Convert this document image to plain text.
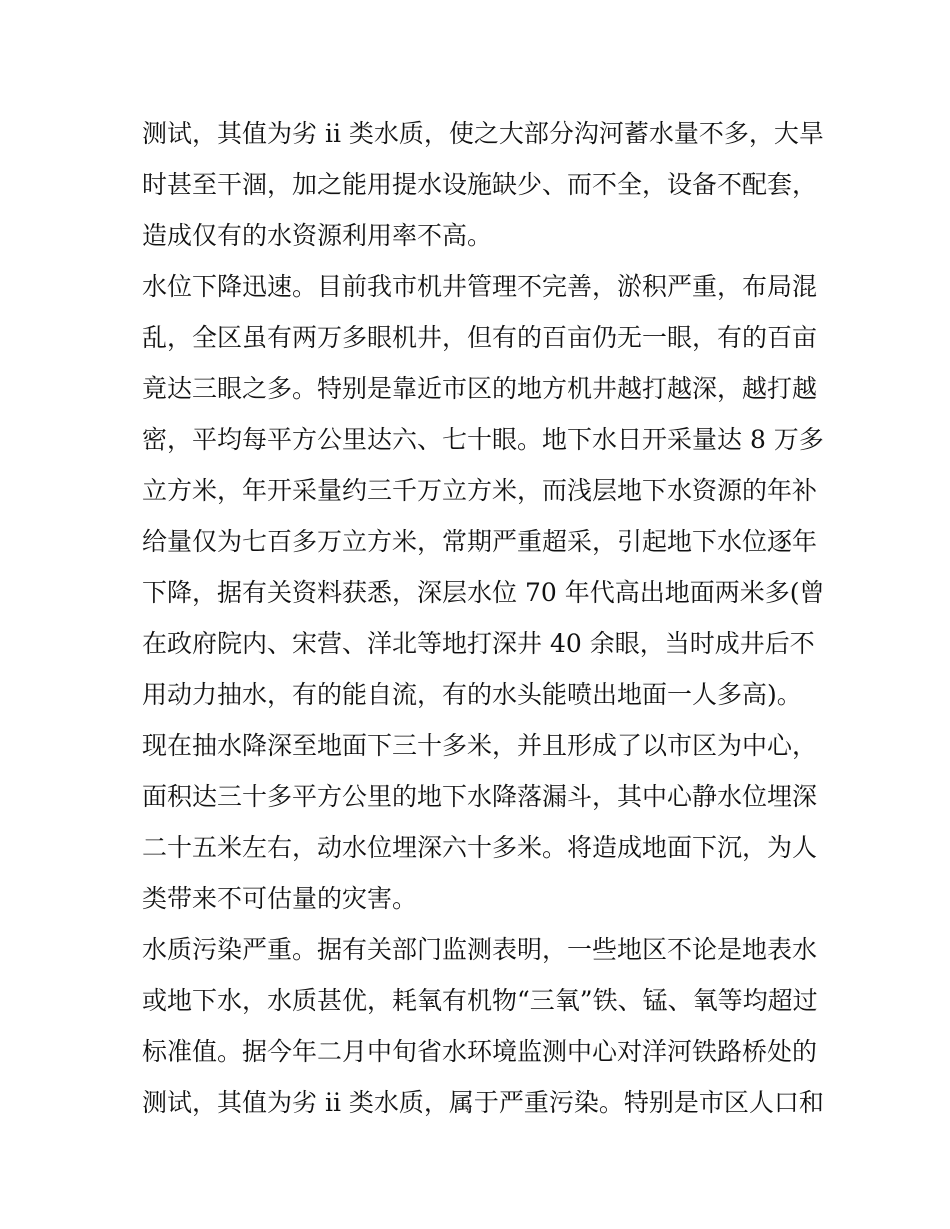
测试，其值为劣 ii 类水质，使之大部分沟河蓄水量不多，大旱
时甚至干涸，加之能用提水设施缺少、而不全，设备不配套，
造成仅有的水资源利用率不高。
水位下降迅速。目前我市机井管理不完善，淤积严重，布局混
乱，全区虽有两万多眼机井，但有的百亩仍无一眼，有的百亩
竟达三眼之多。特别是靠近市区的地方机井越打越深，越打越
密，平均每平方公里达六、七十眼。地下水日开采量达 8 万多
立方米，年开采量约三千万立方米，而浅层地下水资源的年补
给量仅为七百多万立方米，常期严重超采，引起地下水位逐年
下降，据有关资料获悉，深层水位 70 年代高出地面两米多(曾
在政府院内、宋营、洋北等地打深井 40 余眼，当时成井后不
用动力抽水，有的能自流，有的水头能喷出地面一人多高)。
现在抽水降深至地面下三十多米，并且形成了以市区为中心，
面积达三十多平方公里的地下水降落漏斗，其中心静水位埋深
二十五米左右，动水位埋深六十多米。将造成地面下沉，为人
类带来不可估量的灾害。
水质污染严重。据有关部门监测表明，一些地区不论是地表水
或地下水，水质甚优，耗氧有机物“三氧”铁、锰、氧等均超过
标准值。据今年二月中旬省水环境监测中心对洋河铁路桥处的
测试，其值为劣 ii 类水质，属于严重污染。特别是市区人口和
